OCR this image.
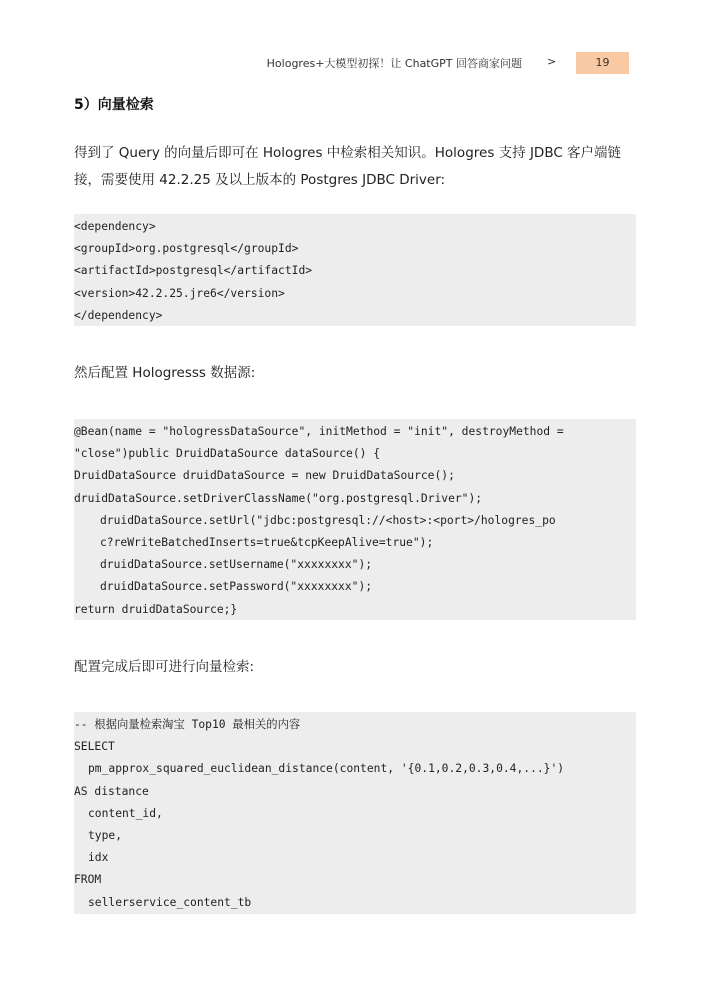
Hologres+大模型初探！让 ChatGPT 回答商家问题 >	19
5）向量检索

得到了 Query 的向量后即可在 Hologres 中检索相关知识。Hologres 支持 JDBC 客户端链

接，需要使用 42.2.25 及以上版本的 Postgres JDBC Driver:

<dependency>
<groupId>org.postgresql</groupId>
<artifactId>postgresql</artifactId>
<version>42.2.25.jre6</version>
</dependency>

然后配置 Hologresss 数据源:

@Bean(name = "hologressDataSource", initMethod = "init", destroyMethod =
"close")public DruidDataSource dataSource() {
DruidDataSource druidDataSource = new DruidDataSource();
druidDataSource.setDriverClassName("org.postgresql.Driver");
druidDataSource.setUrl("jdbc:postgresql://<host>:<port>/hologres_po
c?reWriteBatchedInserts=true&tcpKeepAlive=true");
druidDataSource.setUsername("xxxxxxxx");
druidDataSource.setPassword("xxxxxxxx");
return druidDataSource;}

配置完成后即可进行向量检索:

-- 根据向量检索淘宝 Top10 最相关的内容
SELECT
pm_approx_squared_euclidean_distance(content, '{0.1,0.2,0.3,0.4,...}')
AS distance
content_id,
type,
idx
FROM
sellerservice_content_tb
